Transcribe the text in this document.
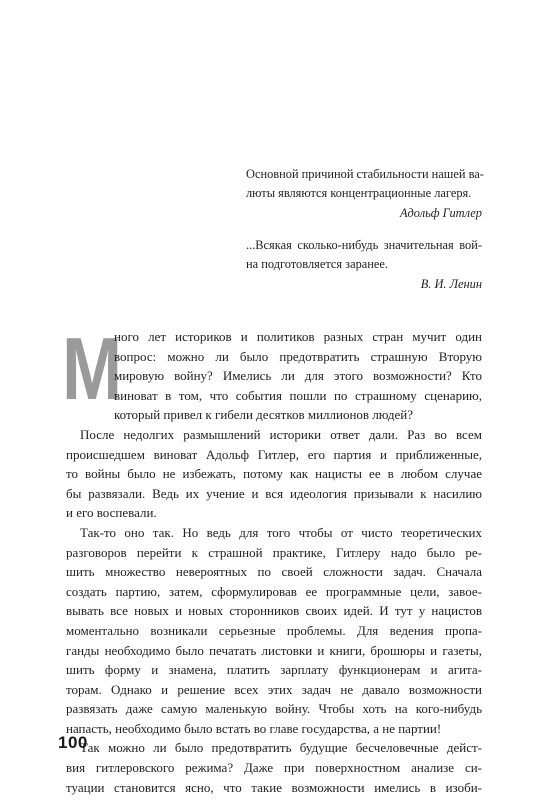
Основной причиной стабильности нашей ва-
люты являются концентрационные лагеря.
Адольф Гитлер
...Всякая сколько-нибудь значительная вой-
на подготовляется заранее.
В. И. Ленин
М
ного лет историков и политиков разных стран мучит один
вопрос: можно ли было предотвратить страшную Вторую
мировую войну? Имелись ли для этого возможности? Кто
виноват в том, что события пошли по страшному сценарию,
который привел к гибели десятков миллионов людей?
После недолгих размышлений историки ответ дали. Раз во всем
происшедшем виноват Адольф Гитлер, его партия и приближенные,
то войны было не избежать, потому как нацисты ее в любом случае
бы развязали. Ведь их учение и вся идеология призывали к насилию
и его воспевали.
Так-то оно так. Но ведь для того чтобы от чисто теоретических
разговоров перейти к страшной практике, Гитлеру надо было ре-
шить множество невероятных по своей сложности задач. Сначала
создать партию, затем, сформулировав ее программные цели, завое-
вывать все новых и новых сторонников своих идей. И тут у нацистов
моментально возникали серьезные проблемы. Для ведения пропа-
ганды необходимо было печатать листовки и книги, брошюры и газеты,
шить форму и знамена, платить зарплату функционерам и агита-
торам. Однако и решение всех этих задач не давало возможности
развязать даже самую маленькую войну. Чтобы хоть на кого-нибудь
напасть, необходимо было встать во главе государства, а не партии!
Так можно ли было предотвратить будущие бесчеловечные дейст-
вия гитлеровского режима? Даже при поверхностном анализе си-
туации становится ясно, что такие возможности имелись в изоби-
100
